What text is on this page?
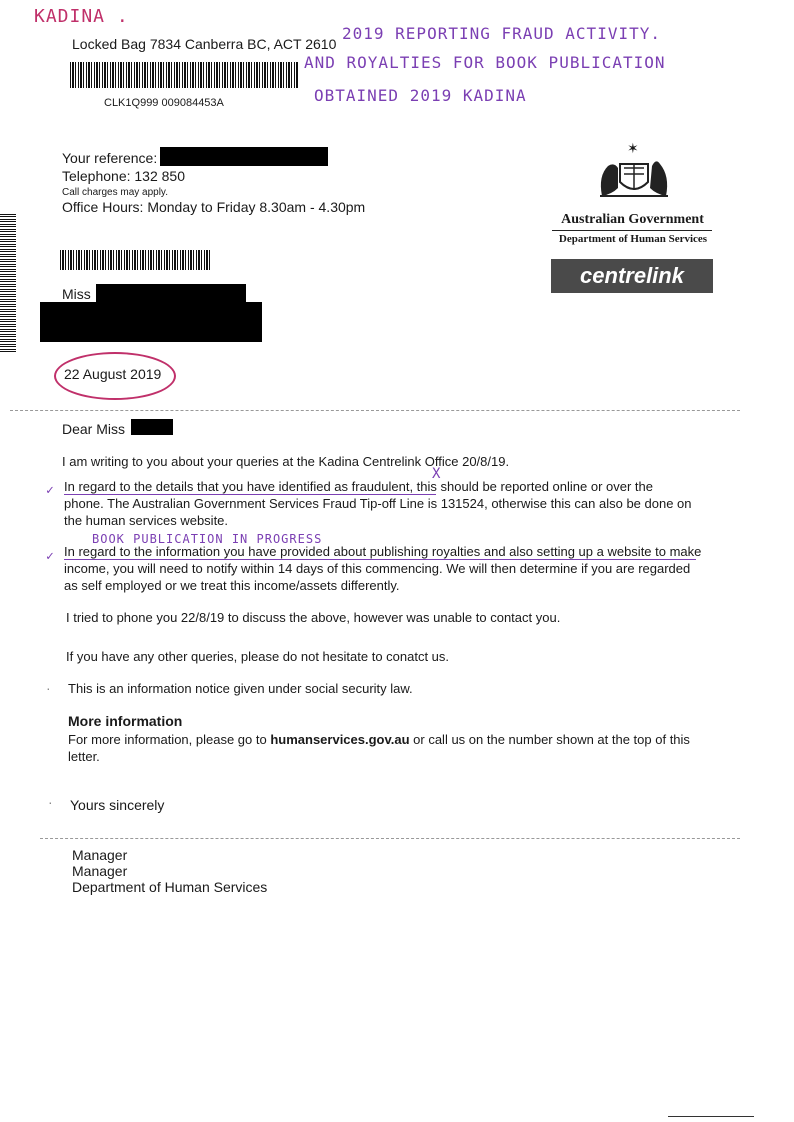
KADINA .
2019 REPORTING FRAUD ACTIVITY.
AND ROYALTIES FOR BOOK PUBLICATION
OBTAINED 2019 KADINA
Locked Bag 7834 Canberra BC, ACT 2610
CLK1Q999 009084453A
Your reference:
Telephone: 132 850
Call charges may apply.
Office Hours: Monday to Friday 8.30am - 4.30pm
✶
Australian Government
Department of Human Services
centrelink
Miss
22 August 2019
Dear Miss

I am writing to you about your queries at the Kadina Centrelink Office 20/8/19.

✓
X

In regard to the details that you have identified as fraudulent, this should be reported online or over the phone. The Australian Government Services Fraud Tip-off Line is 131524, otherwise this can also be done on the human services website.

BOOK PUBLICATION IN PROGRESS
✓ In regard to the information you have provided about publishing royalties and also setting up a website to make income, you will need to notify within 14 days of this commencing. We will then determine if you are regarded as self employed or we treat this income/assets differently.

I tried to phone you 22/8/19 to discuss the above, however was unable to contact you.

If you have any other queries, please do not hesitate to conatct us.

· This is an information notice given under social security law.

More information

For more information, please go to humanservices.gov.au or call us on the number shown at the top of this letter.

· Yours sincerely
Manager
Manager
Department of Human Services
